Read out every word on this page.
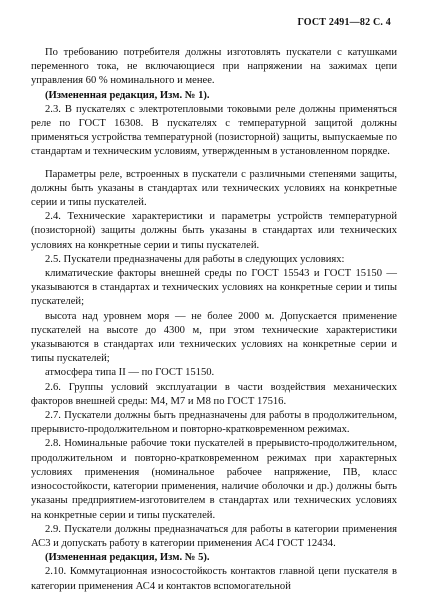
ГОСТ 2491—82 С. 4

По требованию потребителя должны изготовлять пускатели с катушками переменного тока, не включающиеся при напряжении на зажимах цепи управления 60 % номинального и менее.

(Измененная редакция, Изм. № 1).

2.3. В пускателях с электротепловыми токовыми реле должны применяться реле по ГОСТ 16308. В пускателях с температурной защитой должны применяться устройства температурной (позисторной) защиты, выпускаемые по стандартам и техническим условиям, утвержденным в установленном порядке.

Параметры реле, встроенных в пускатели с различными степенями защиты, должны быть указаны в стандартах или технических условиях на конкретные серии и типы пускателей.

2.4. Технические характеристики и параметры устройств температурной (позисторной) защиты должны быть указаны в стандартах или технических условиях на конкретные серии и типы пускателей.

2.5. Пускатели предназначены для работы в следующих условиях:

климатические факторы внешней среды по ГОСТ 15543 и ГОСТ 15150 — указываются в стандартах и технических условиях на конкретные серии и типы пускателей;

высота над уровнем моря — не более 2000 м. Допускается применение пускателей на высоте до 4300 м, при этом технические характеристики указываются в стандартах или технических условиях на конкретные серии и типы пускателей;

атмосфера типа II — по ГОСТ 15150.

2.6. Группы условий эксплуатации в части воздействия механических факторов внешней среды: М4, М7 и М8 по ГОСТ 17516.

2.7. Пускатели должны быть предназначены для работы в продолжительном, прерывисто-продолжительном и повторно-кратковременном режимах.

2.8. Номинальные рабочие токи пускателей в прерывисто-продолжительном, продолжительном и повторно-кратковременном режимах при характерных условиях применения (номинальное рабочее напряжение, ПВ, класс износостойкости, категории применения, наличие оболочки и др.) должны быть указаны предприятием-изготовителем в стандартах или технических условиях на конкретные серии и типы пускателей.

2.9. Пускатели должны предназначаться для работы в категории применения АС3 и допускать работу в категории применения АС4 ГОСТ 12434.

(Измененная редакция, Изм. № 5).

2.10. Коммутационная износостойкость контактов главной цепи пускателя в категории применения АС4 и контактов вспомогательной
